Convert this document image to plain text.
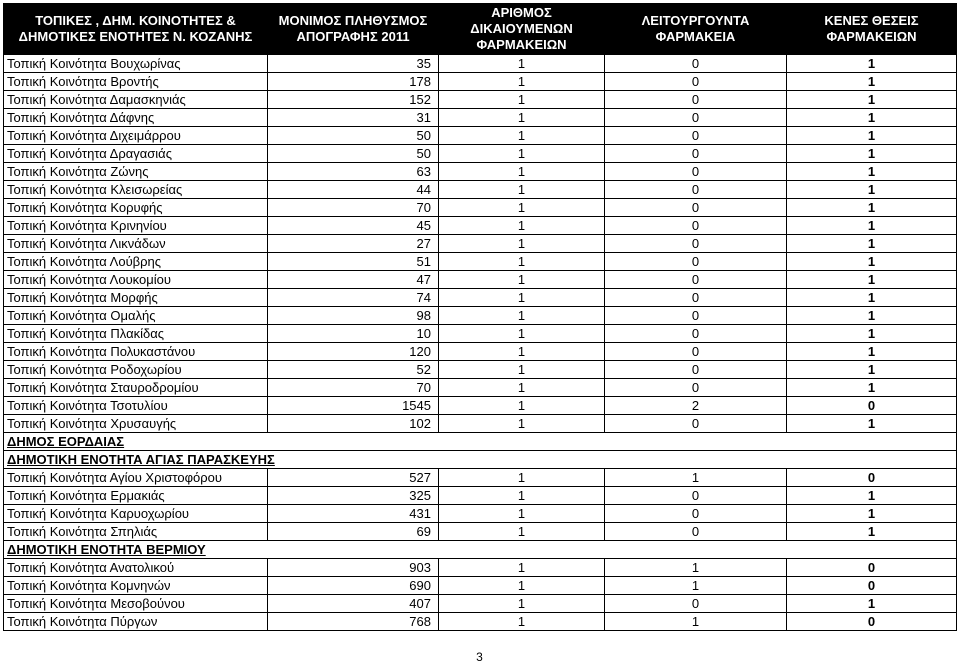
ΤΟΠΙΚΕΣ , ΔΗΜ. ΚΟΙΝΟΤΗΤΕΣ &
ΔΗΜΟΤΙΚΕΣ ΕΝΟΤΗΤΕΣ Ν. ΚΟΖΑΝΗΣ	ΜΟΝΙΜΟΣ ΠΛΗΘΥΣΜΟΣ
ΑΠΟΓΡΑΦΗΣ 2011	ΑΡΙΘΜΟΣ
ΔΙΚΑΙΟΥΜΕΝΩΝ
ΦΑΡΜΑΚΕΙΩΝ	ΛΕΙΤΟΥΡΓΟΥΝΤΑ
ΦΑΡΜΑΚΕΙΑ	ΚΕΝΕΣ ΘΕΣΕΙΣ
ΦΑΡΜΑΚΕΙΩΝ
Τοπική Κοινότητα Βουχωρίνας	35	1	0	1
Τοπική Κοινότητα Βροντής	178	1	0	1
Τοπική Κοινότητα Δαμασκηνιάς	152	1	0	1
Τοπική Κοινότητα Δάφνης	31	1	0	1
Τοπική Κοινότητα Διχειμάρρου	50	1	0	1
Τοπική Κοινότητα Δραγασιάς	50	1	0	1
Τοπική Κοινότητα Ζώνης	63	1	0	1
Τοπική Κοινότητα Κλεισωρείας	44	1	0	1
Τοπική Κοινότητα Κορυφής	70	1	0	1
Τοπική Κοινότητα Κρινηνίου	45	1	0	1
Τοπική Κοινότητα Λικνάδων	27	1	0	1
Τοπική Κοινότητα Λούβρης	51	1	0	1
Τοπική Κοινότητα Λουκομίου	47	1	0	1
Τοπική Κοινότητα Μορφής	74	1	0	1
Τοπική Κοινότητα Ομαλής	98	1	0	1
Τοπική Κοινότητα Πλακίδας	10	1	0	1
Τοπική Κοινότητα Πολυκαστάνου	120	1	0	1
Τοπική Κοινότητα Ροδοχωρίου	52	1	0	1
Τοπική Κοινότητα Σταυροδρομίου	70	1	0	1
Τοπική Κοινότητα Τσοτυλίου	1545	1	2	0
Τοπική Κοινότητα Χρυσαυγής	102	1	0	1
ΔΗΜΟΣ ΕΟΡΔΑΙΑΣ				
ΔΗΜΟΤΙΚΗ ΕΝΟΤΗΤΑ ΑΓΙΑΣ ΠΑΡΑΣΚΕΥΗΣ				
Τοπική Κοινότητα Αγίου Χριστοφόρου	527	1	1	0
Τοπική Κοινότητα Ερμακιάς	325	1	0	1
Τοπική Κοινότητα Καρυοχωρίου	431	1	0	1
Τοπική Κοινότητα Σπηλιάς	69	1	0	1
ΔΗΜΟΤΙΚΗ ΕΝΟΤΗΤΑ ΒΕΡΜΙΟΥ				
Τοπική Κοινότητα Ανατολικού	903	1	1	0
Τοπική Κοινότητα Κομνηνών	690	1	1	0
Τοπική Κοινότητα Μεσοβούνου	407	1	0	1
Τοπική Κοινότητα Πύργων	768	1	1	0
3
